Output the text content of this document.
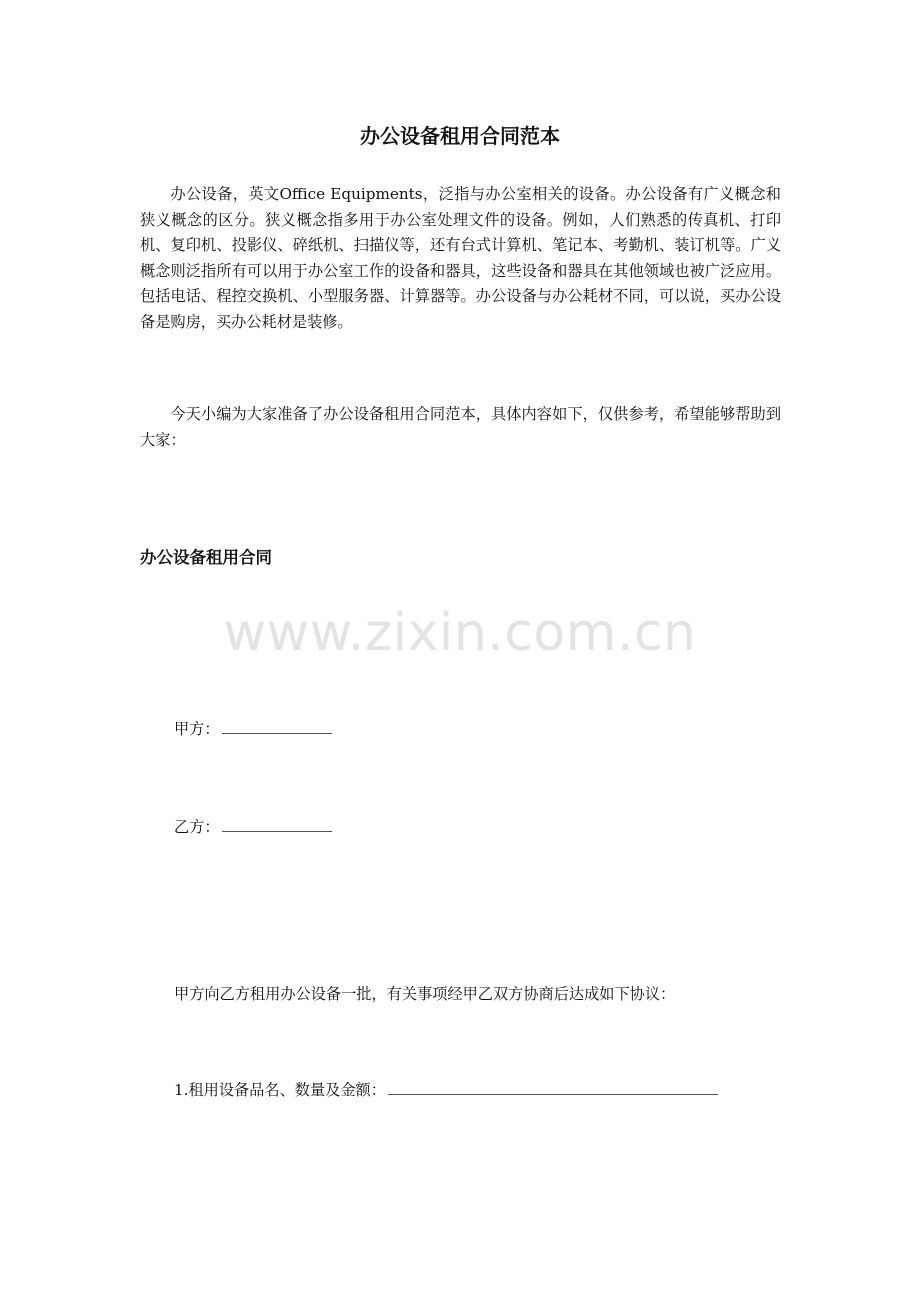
办公设备租用合同范本

办公设备，英文Office Equipments，泛指与办公室相关的设备。办公设备有广义概念和狭义概念的区分。狭义概念指多用于办公室处理文件的设备。例如，人们熟悉的传真机、打印机、复印机、投影仪、碎纸机、扫描仪等，还有台式计算机、笔记本、考勤机、装订机等。广义概念则泛指所有可以用于办公室工作的设备和器具，这些设备和器具在其他领域也被广泛应用。包括电话、程控交换机、小型服务器、计算器等。办公设备与办公耗材不同，可以说，买办公设备是购房，买办公耗材是装修。

今天小编为大家准备了办公设备租用合同范本，具体内容如下，仅供参考，希望能够帮助到大家：

办公设备租用合同
www.zixin.com.cn

甲方：

乙方：

甲方向乙方租用办公设备一批，有关事项经甲乙双方协商后达成如下协议：

1.租用设备品名、数量及金额：
